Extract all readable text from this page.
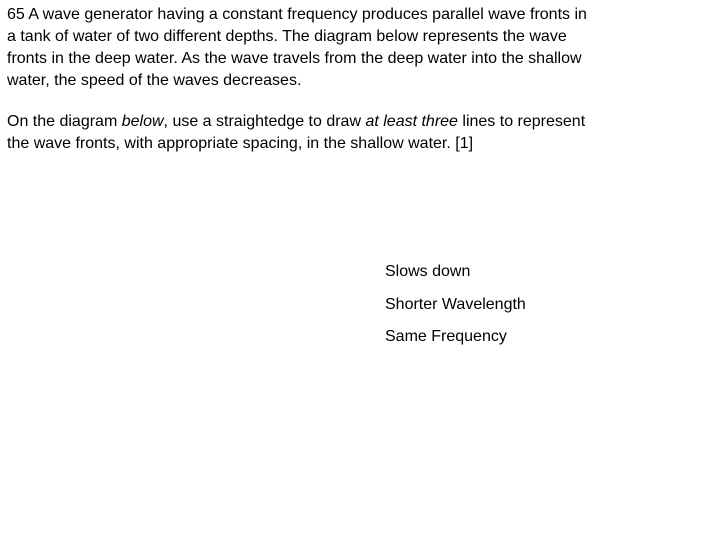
65 A wave generator having a constant frequency produces parallel wave fronts in
a tank of water of two different depths. The diagram below represents the wave
fronts in the deep water. As the wave travels from the deep water into the shallow
water, the speed of the waves decreases.

On the diagram below, use a straightedge to draw at least three lines to represent
the wave fronts, with appropriate spacing, in the shallow water. [1]

Slows down

Shorter Wavelength

Same Frequency
